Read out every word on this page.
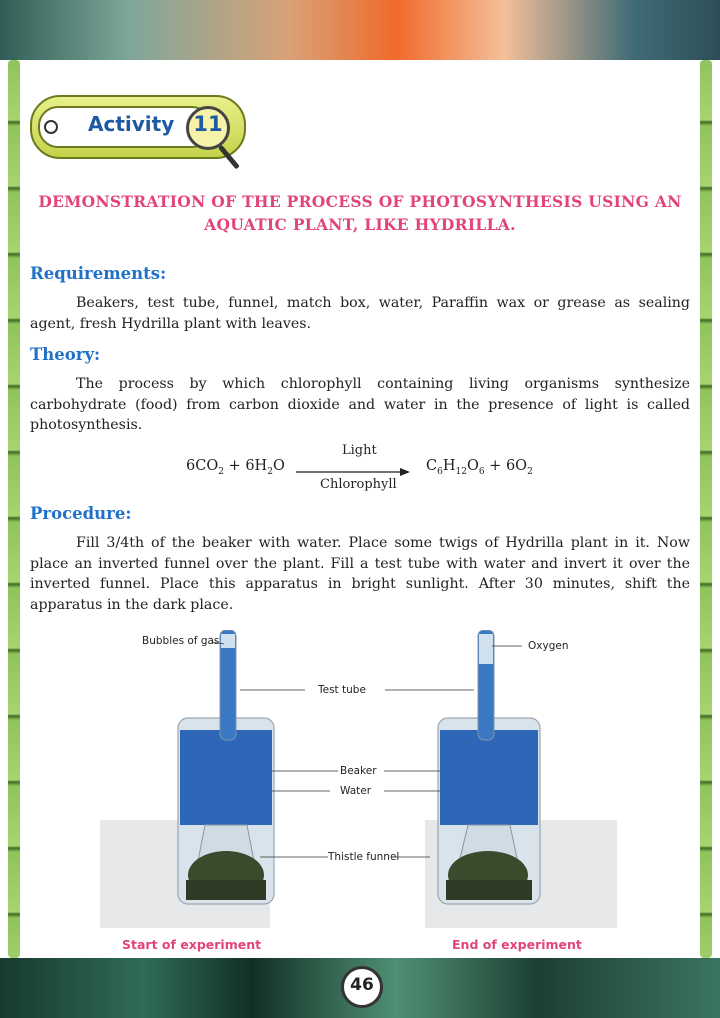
Activity 11
DEMONSTRATION OF THE PROCESS OF PHOTOSYNTHESIS USING AN
AQUATIC PLANT, LIKE HYDRILLA.
Requirements:
Beakers, test tube, funnel, match box, water, Paraffin wax or grease as sealing agent, fresh Hydrilla plant with leaves.
Theory:
The process by which chlorophyll containing living organisms synthesize carbohydrate (food) from carbon dioxide and water in the presence of light is called photosynthesis.
Light
$6CO_2 + 6H_2O$	$C_6H_{12}O_6 + 6O_2$
Chlorophyll
Procedure:
Fill 3/4th of the beaker with water. Place some twigs of Hydrilla plant in it. Now place an inverted funnel over the plant. Fill a test tube with water and invert it over the inverted funnel. Place this apparatus in bright sunlight. After 30 minutes, shift the apparatus in the dark place.
Bubbles of gas	Oxygen
Test tube
Beaker
Water
Thistle funnel
Start of experiment	End of experiment
46
